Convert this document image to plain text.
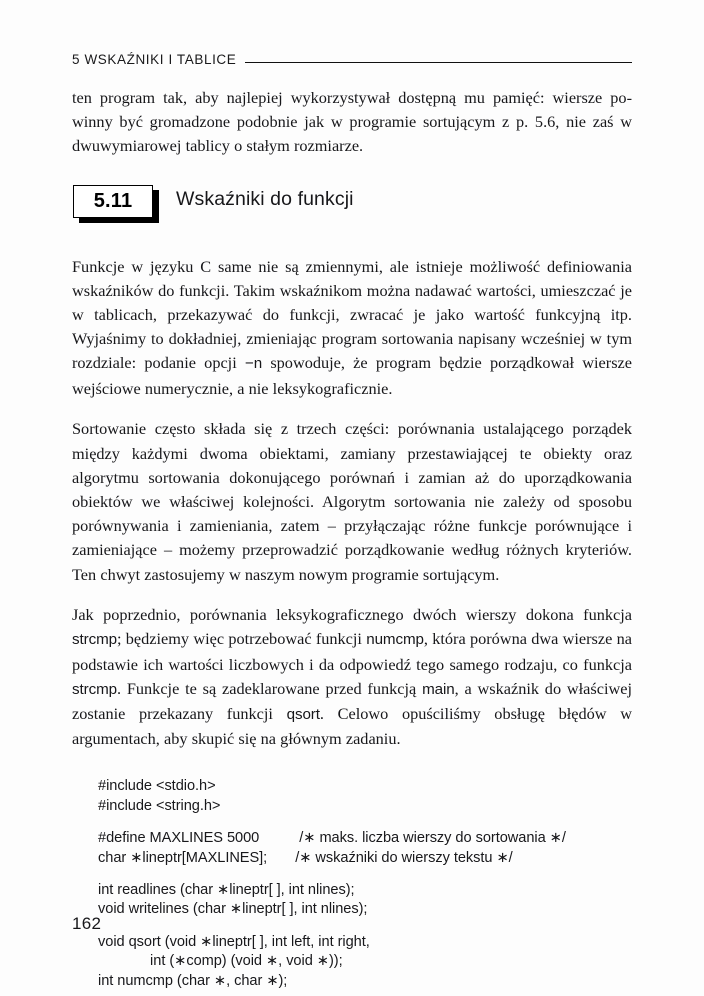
5 WSKAŹNIKI I TABLICE

ten program tak, aby najlepiej wykorzystywał dostępną mu pamięć: wiersze po-winny być gromadzone podobnie jak w programie sortującym z p. 5.6, nie zaś w dwuwymiarowej tablicy o stałym rozmiarze.

5.11 Wskaźniki do funkcji

Funkcje w języku C same nie są zmiennymi, ale istnieje możliwość definiowania wskaźników do funkcji. Takim wskaźnikom można nadawać wartości, umieszczać je w tablicach, przekazywać do funkcji, zwracać je jako wartość funkcyjną itp. Wyjaśnimy to dokładniej, zmieniając program sortowania napisany wcześniej w tym rozdziale: podanie opcji −n spowoduje, że program będzie porządkował wiersze wejściowe numerycznie, a nie leksykograficznie.

Sortowanie często składa się z trzech części: porównania ustalającego porządek między każdymi dwoma obiektami, zamiany przestawiającej te obiekty oraz algorytmu sortowania dokonującego porównań i zamian aż do uporządkowania obiektów we właściwej kolejności. Algorytm sortowania nie zależy od sposobu porównywania i zamieniania, zatem – przyłączając różne funkcje porównujące i zamieniające – możemy przeprowadzić porządkowanie według różnych kryteriów. Ten chwyt zastosujemy w naszym nowym programie sortującym.

Jak poprzednio, porównania leksykograficznego dwóch wierszy dokona funkcja strcmp; będziemy więc potrzebować funkcji numcmp, która porówna dwa wiersze na podstawie ich wartości liczbowych i da odpowiedź tego samego rodzaju, co funkcja strcmp. Funkcje te są zadeklarowane przed funkcją main, a wskaźnik do właściwej zostanie przekazany funkcji qsort. Celowo opuściliśmy obsługę błędów w argumentach, aby skupić się na głównym zadaniu.

#include <stdio.h>
#include <string.h>
#define MAXLINES 5000          /∗ maks. liczba wierszy do sortowania ∗/
char ∗lineptr[MAXLINES];       /∗ wskaźniki do wierszy tekstu ∗/
int readlines (char ∗lineptr[ ], int nlines);
void writelines (char ∗lineptr[ ], int nlines);
void qsort (void ∗lineptr[ ], int left, int right,
int (∗comp) (void ∗, void ∗));
int numcmp (char ∗, char ∗);
162
